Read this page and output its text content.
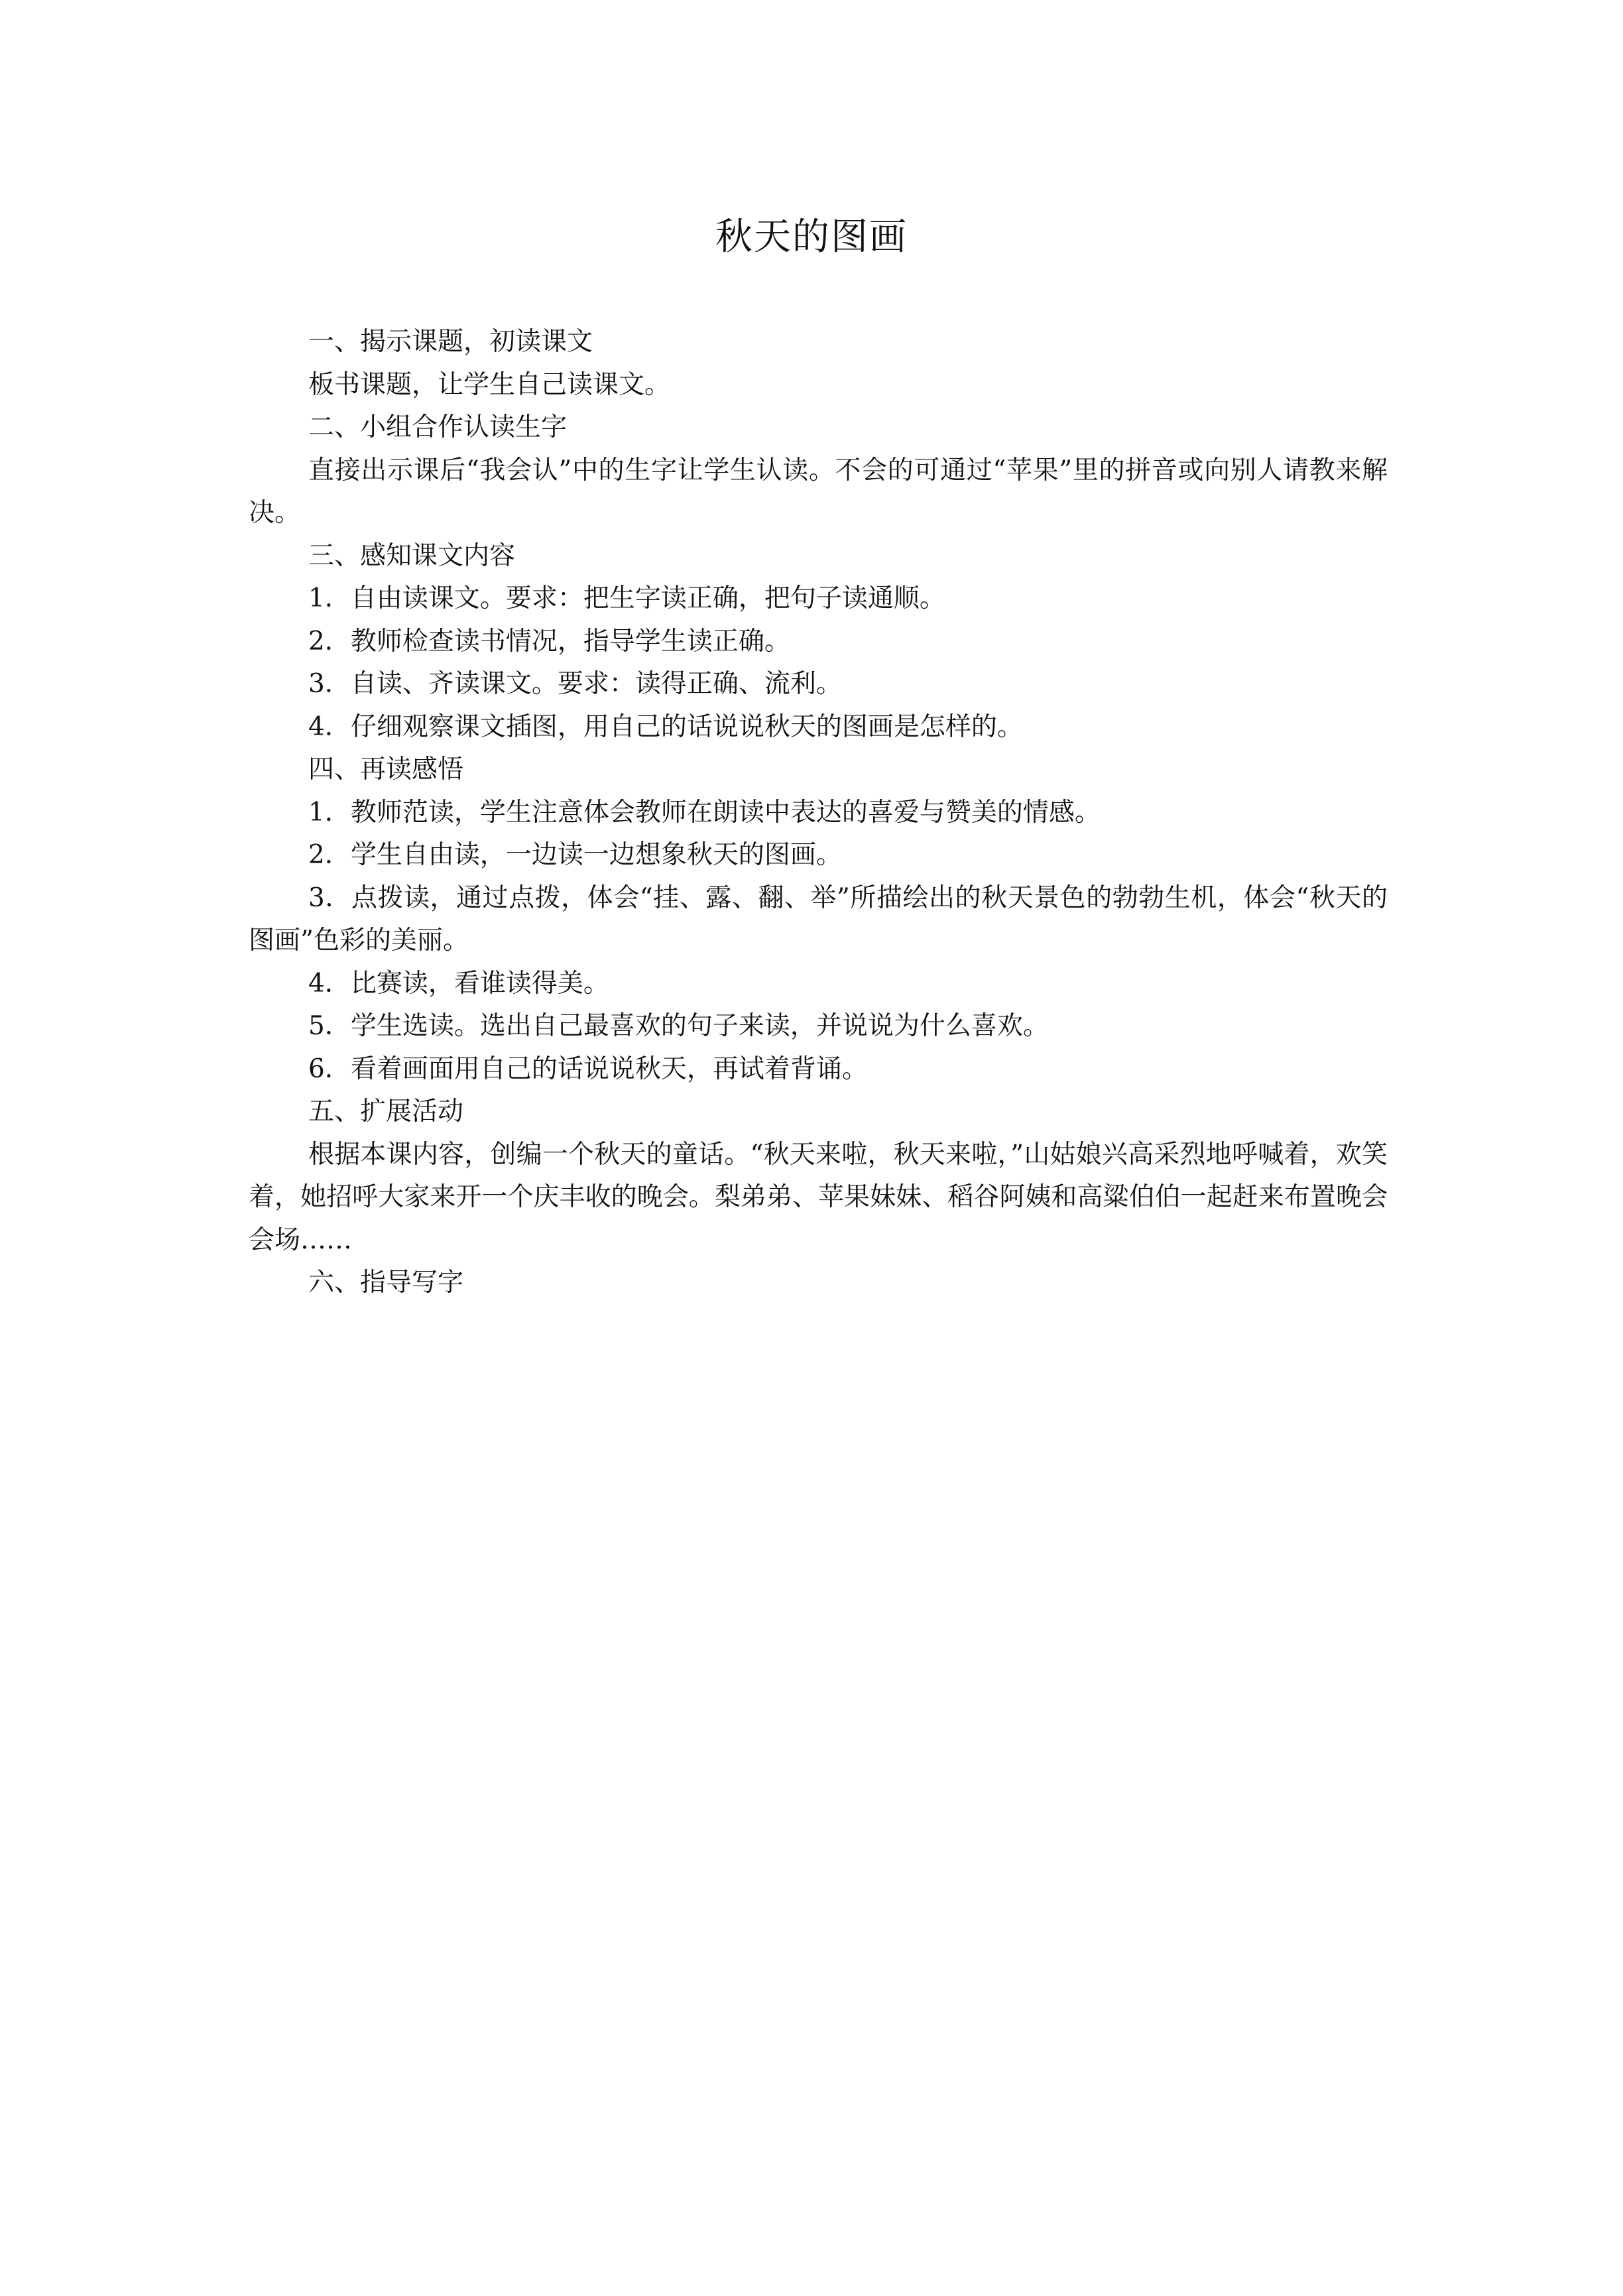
秋天的图画

一、揭示课题，初读课文

板书课题，让学生自己读课文。

二、小组合作认读生字

直接出示课后“我会认”中的生字让学生认读。不会的可通过“苹果”里的拼音或向别人请教来解决。

三、感知课文内容

1．自由读课文。要求：把生字读正确，把句子读通顺。

2．教师检查读书情况，指导学生读正确。

3．自读、齐读课文。要求：读得正确、流利。

4．仔细观察课文插图，用自己的话说说秋天的图画是怎样的。

四、再读感悟

1．教师范读，学生注意体会教师在朗读中表达的喜爱与赞美的情感。

2．学生自由读，一边读一边想象秋天的图画。

3．点拨读，通过点拨，体会“挂、露、翻、举”所描绘出的秋天景色的勃勃生机，体会“秋天的图画”色彩的美丽。

4．比赛读，看谁读得美。

5．学生选读。选出自己最喜欢的句子来读，并说说为什么喜欢。

6．看着画面用自己的话说说秋天，再试着背诵。

五、扩展活动

根据本课内容，创编一个秋天的童话。“秋天来啦，秋天来啦，”山姑娘兴高采烈地呼喊着，欢笑着，她招呼大家来开一个庆丰收的晚会。梨弟弟、苹果妹妹、稻谷阿姨和高粱伯伯一起赶来布置晚会会场……

六、指导写字
